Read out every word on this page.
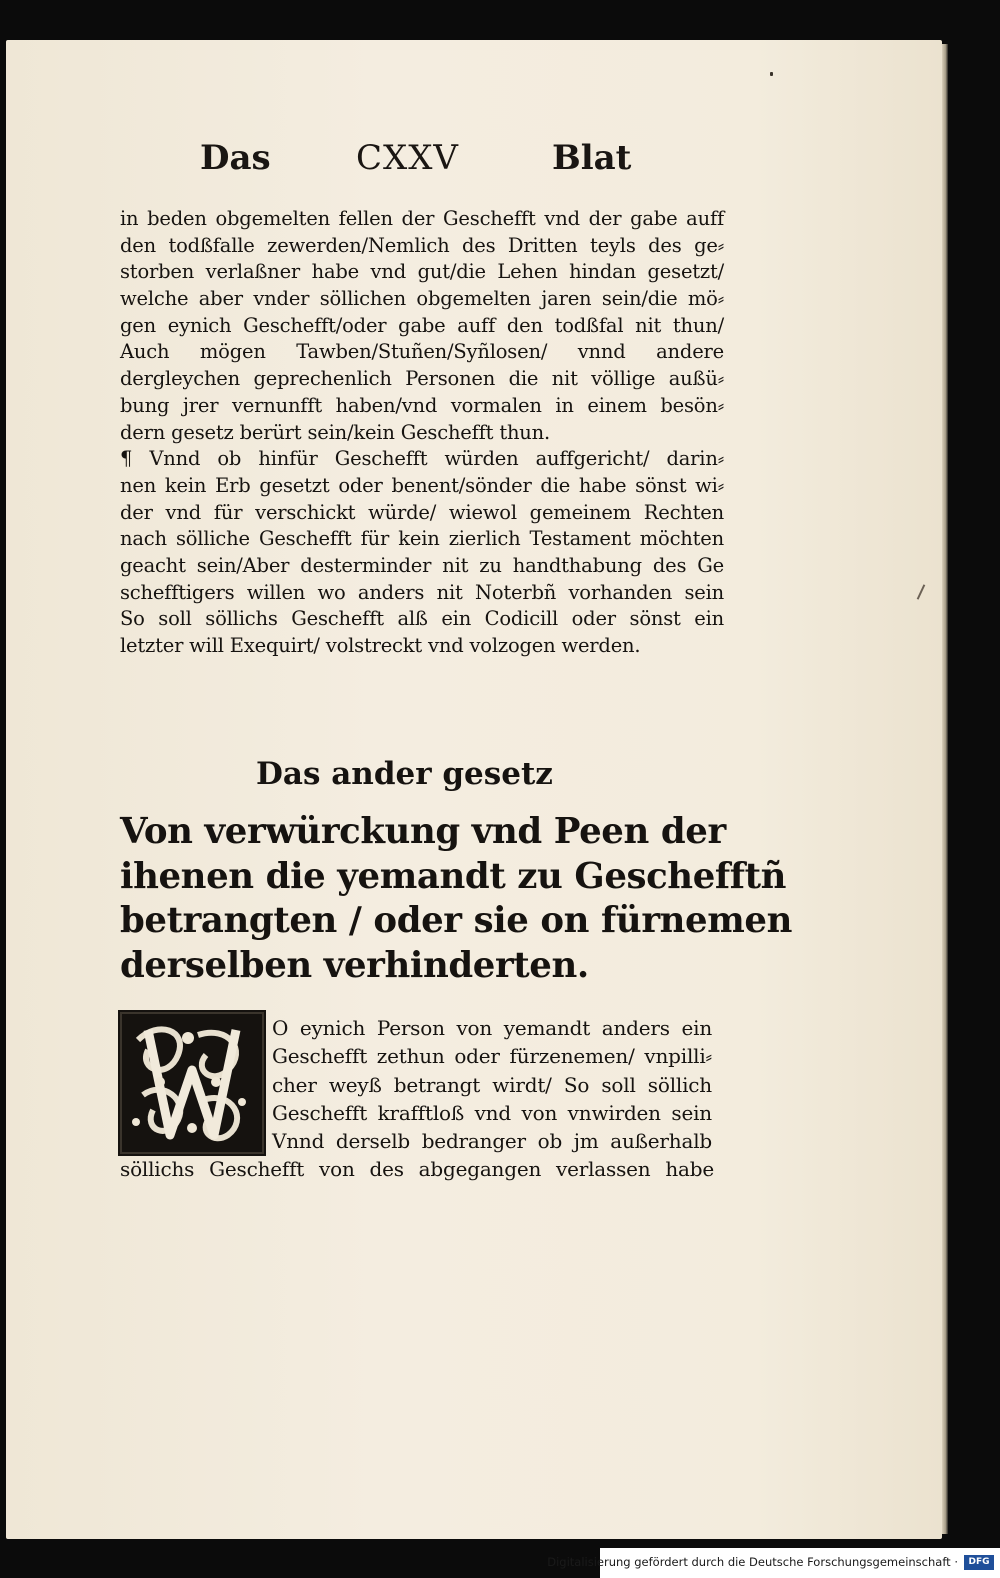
Das	CXXV	Blat
in beden obgemelten fellen der Geschefft vnd der gabe auff
den todßfalle zewerden/Nemlich des Dritten teyls des ge⸗
storben verlaßner habe vnd gut/die Lehen hindan gesetzt/
welche aber vnder söllichen obgemelten jaren sein/die mö⸗
gen eynich Geschefft/oder gabe auff den todßfal nit thun/
Auch mögen Tawben/Stuñen/Syñlosen/ vnnd andere
dergleychen geprechenlich Personen die nit völlige außü⸗
bung jrer vernunfft haben/vnd vormalen in einem besön⸗
dern gesetz berürt sein/kein Geschefft thun.
¶ Vnnd ob hinfür Geschefft würden auffgericht/ darin⸗
nen kein Erb gesetzt oder benent/sönder die habe sönst wi⸗
der vnd für verschickt würde/ wiewol gemeinem Rechten
nach sölliche Geschefft für kein zierlich Testament möchten
geacht sein/Aber desterminder nit zu handthabung des Ge
schefftigers willen wo anders nit Noterbñ vorhanden sein
So soll söllichs Geschefft alß ein Codicill oder sönst ein
letzter will Exequirt/ volstreckt vnd volzogen werden.
Das ander gesetz
Von verwürckung vnd Peen der
ihenen die yemandt zu Geschefftñ
betrangten / oder sie on fürnemen
derselben verhinderten.
O eynich Person von yemandt anders ein
Geschefft zethun oder fürzenemen/ vnpilli⸗
cher weyß betrangt wirdt/ So soll söllich
Geschefft krafftloß vnd von vnwirden sein
Vnnd derselb bedranger ob jm außerhalb
söllichs Geschefft von des abgegangen verlassen habe
Digitalisierung gefördert durch die Deutsche Forschungsgemeinschaft ·	DFG
